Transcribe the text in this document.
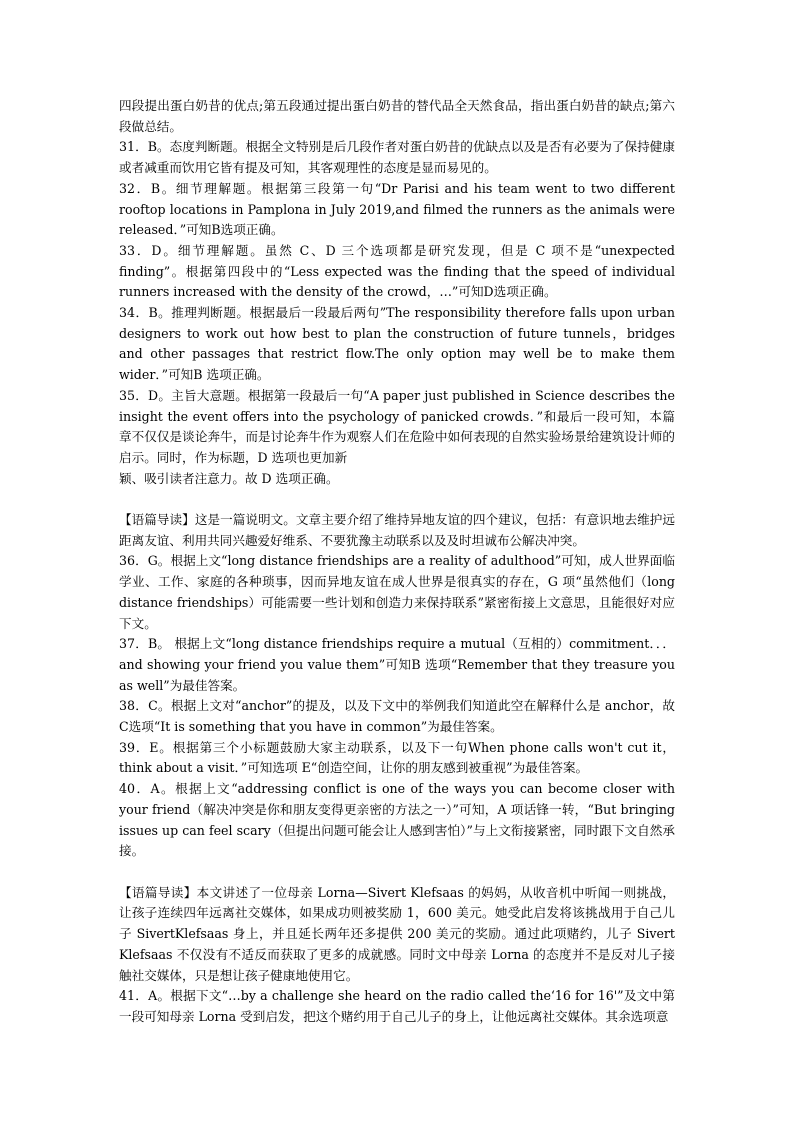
四段提出蛋白奶昔的优点;第五段通过提出蛋白奶昔的替代品全天然食品，指出蛋白奶昔的缺点;第六段做总结。

31．B。态度判断题。根据全文特别是后几段作者对蛋白奶昔的优缺点以及是否有必要为了保持健康或者减重而饮用它皆有提及可知，其客观理性的态度是显而易见的。

32．B。细节理解题。根据第三段第一句“Dr Parisi and his team went to two different rooftop locations in Pamplona in July 2019,and filmed the runners as the animals were released．”可知B选项正确。

33．D。细节理解题。虽然 C、D 三个选项都是研究发现，但是 C 项不是“unexpected finding”。根据第四段中的“Less expected was the finding that the speed of individual runners increased with the density of the crowd，…”可知D选项正确。

34．B。推理判断题。根据最后一段最后两句”The responsibility therefore falls upon urban designers to work out how best to plan the construction of future tunnels，bridges and other passages that restrict flow.The only option may well be to make them wider．”可知B 选项正确。

35．D。主旨大意题。根据第一段最后一句“A paper just published in Science describes the insight the event offers into the psychology of panicked crowds．”和最后一段可知，本篇章不仅仅是谈论奔牛，而是讨论奔牛作为观察人们在危险中如何表现的自然实验场景给建筑设计师的启示。同时，作为标题，D 选项也更加新

颖、吸引读者注意力。故 D 选项正确。

【语篇导读】这是一篇说明文。文章主要介绍了维持异地友谊的四个建议，包括：有意识地去维护远距离友谊、利用共同兴趣爱好维系、不要犹豫主动联系以及及时坦诚布公解决冲突。

36．G。根据上文“long distance friendships are a reality of adulthood”可知，成人世界面临学业、工作、家庭的各种琐事，因而异地友谊在成人世界是很真实的存在，G 项“虽然他们（long distance friendships）可能需要一些计划和创造力来保持联系”紧密衔接上文意思，且能很好对应下文。

37．B。 根据上文“long distance friendships require a mutual（互相的）commitment．．．and showing your friend you value them”可知B 选项“Remember that they treasure you as well”为最佳答案。

38．C。根据上文对“anchor”的提及，以及下文中的举例我们知道此空在解释什么是 anchor，故 C选项“It is something that you have in common”为最佳答案。

39．E。根据第三个小标题鼓励大家主动联系，以及下一句When phone calls won't cut it，think about a visit．”可知选项 E“创造空间，让你的朋友感到被重视”为最佳答案。

40．A。根据上文“addressing conflict is one of the ways you can become closer with your friend（解决冲突是你和朋友变得更亲密的方法之一）”可知，A 项话锋一转，“But bringing issues up can feel scary（但提出问题可能会让人感到害怕）”与上文衔接紧密，同时跟下文自然承接。

【语篇导读】本文讲述了一位母亲 Lorna—Sivert Klefsaas 的妈妈，从收音机中听闻一则挑战，让孩子连续四年远离社交媒体，如果成功则被奖励 1，600 美元。她受此启发将该挑战用于自己儿子 SivertKlefsaas 身上，并且延长两年还多提供 200 美元的奖励。通过此项赌约，儿子 Sivert Klefsaas 不仅没有不适反而获取了更多的成就感。同时文中母亲 Lorna 的态度并不是反对儿子接触社交媒体，只是想让孩子健康地使用它。

41．A。根据下文“…by a challenge she heard on the radio called the‘16 for 16'”及文中第一段可知母亲 Lorna 受到启发，把这个赌约用于自己儿子的身上，让他远离社交媒体。其余选项意
